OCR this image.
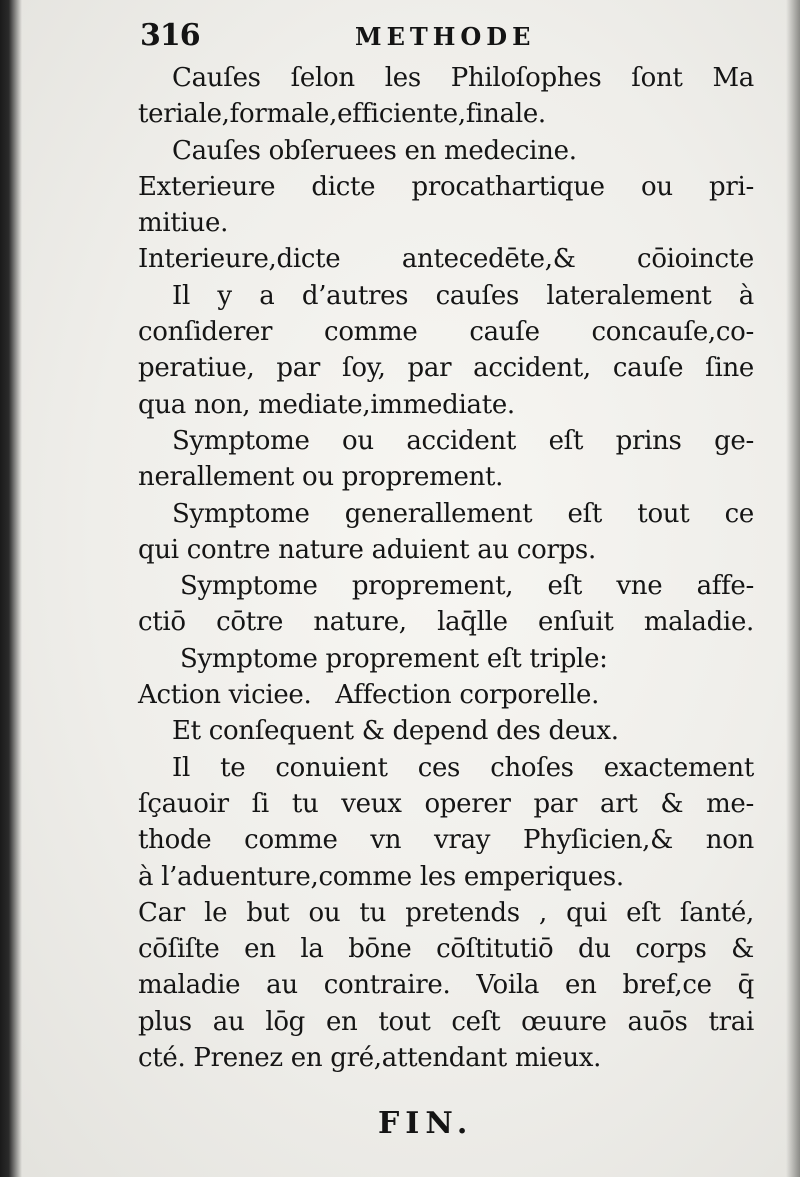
316	METHODE
Cauſes ſelon les Philoſophes ſont Ma
teriale,formale,efficiente,finale.
Cauſes obſeruees en medecine.
Exterieure dicte procathartique ou pri-
mitiue.
Interieure,dicte antecedēte,& cōioincte
Il y a d’autres cauſes lateralement à
conſiderer comme cauſe concauſe,co-
peratiue, par ſoy, par accident, cauſe ſine
qua non, mediate,immediate.
Symptome ou accident eſt prins ge-
nerallement ou proprement.
Symptome generallement eſt tout ce
qui contre nature aduient au corps.
Symptome proprement, eſt vne affe-
ctiō cōtre nature, laq̄lle enſuit maladie.
Symptome proprement eſt triple:
Action viciee.   Affection corporelle.
Et conſequent & depend des deux.
Il te conuient ces choſes exactement
ſçauoir ſi tu veux operer par art & me-
thode comme vn vray Phyſicien,& non
à l’aduenture,comme les emperiques.
Car le but ou tu pretends , qui eſt ſanté,
cōſiſte en la bōne cōſtitutiō du corps &
maladie au contraire. Voila en bref,ce q̄
plus au lōg en tout ceſt œuure auōs trai
cté. Prenez en gré,attendant mieux.
FIN.
